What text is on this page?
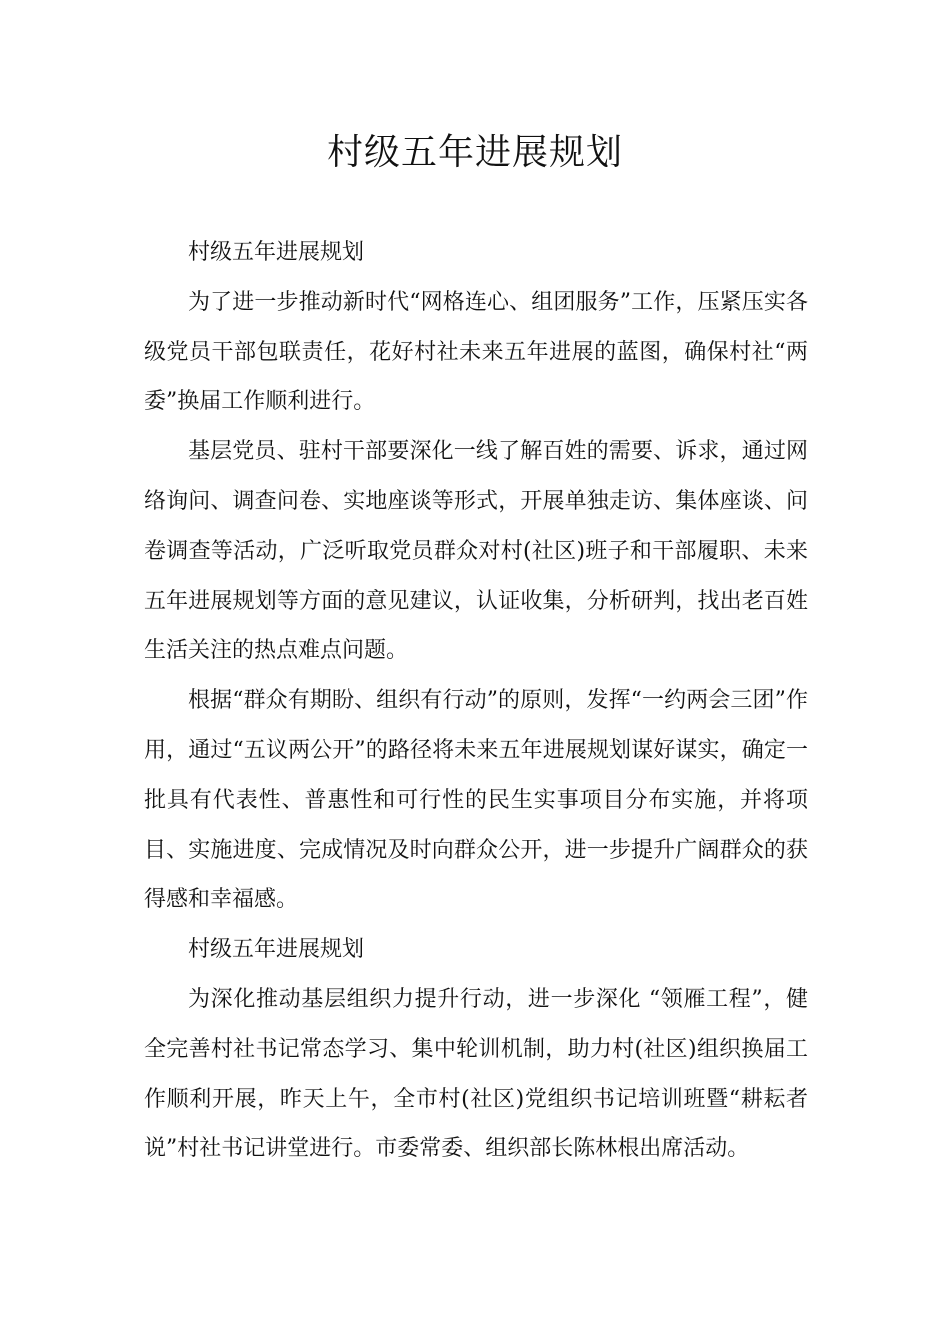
村级五年进展规划

村级五年进展规划

为了进一步推动新时代“网格连心、组团服务”工作，压紧压实各级党员干部包联责任，花好村社未来五年进展的蓝图，确保村社“两委”换届工作顺利进行。

基层党员、驻村干部要深化一线了解百姓的需要、诉求，通过网络询问、调查问卷、实地座谈等形式，开展单独走访、集体座谈、问卷调查等活动，广泛听取党员群众对村(社区)班子和干部履职、未来五年进展规划等方面的意见建议，认证收集，分析研判，找出老百姓生活关注的热点难点问题。

根据“群众有期盼、组织有行动”的原则，发挥“一约两会三团”作用，通过“五议两公开”的路径将未来五年进展规划谋好谋实，确定一批具有代表性、普惠性和可行性的民生实事项目分布实施，并将项目、实施进度、完成情况及时向群众公开，进一步提升广阔群众的获得感和幸福感。

村级五年进展规划

为深化推动基层组织力提升行动，进一步深化 “领雁工程”，健全完善村社书记常态学习、集中轮训机制，助力村(社区)组织换届工作顺利开展，昨天上午，全市村(社区)党组织书记培训班暨“耕耘者说”村社书记讲堂进行。市委常委、组织部长陈林根出席活动。
